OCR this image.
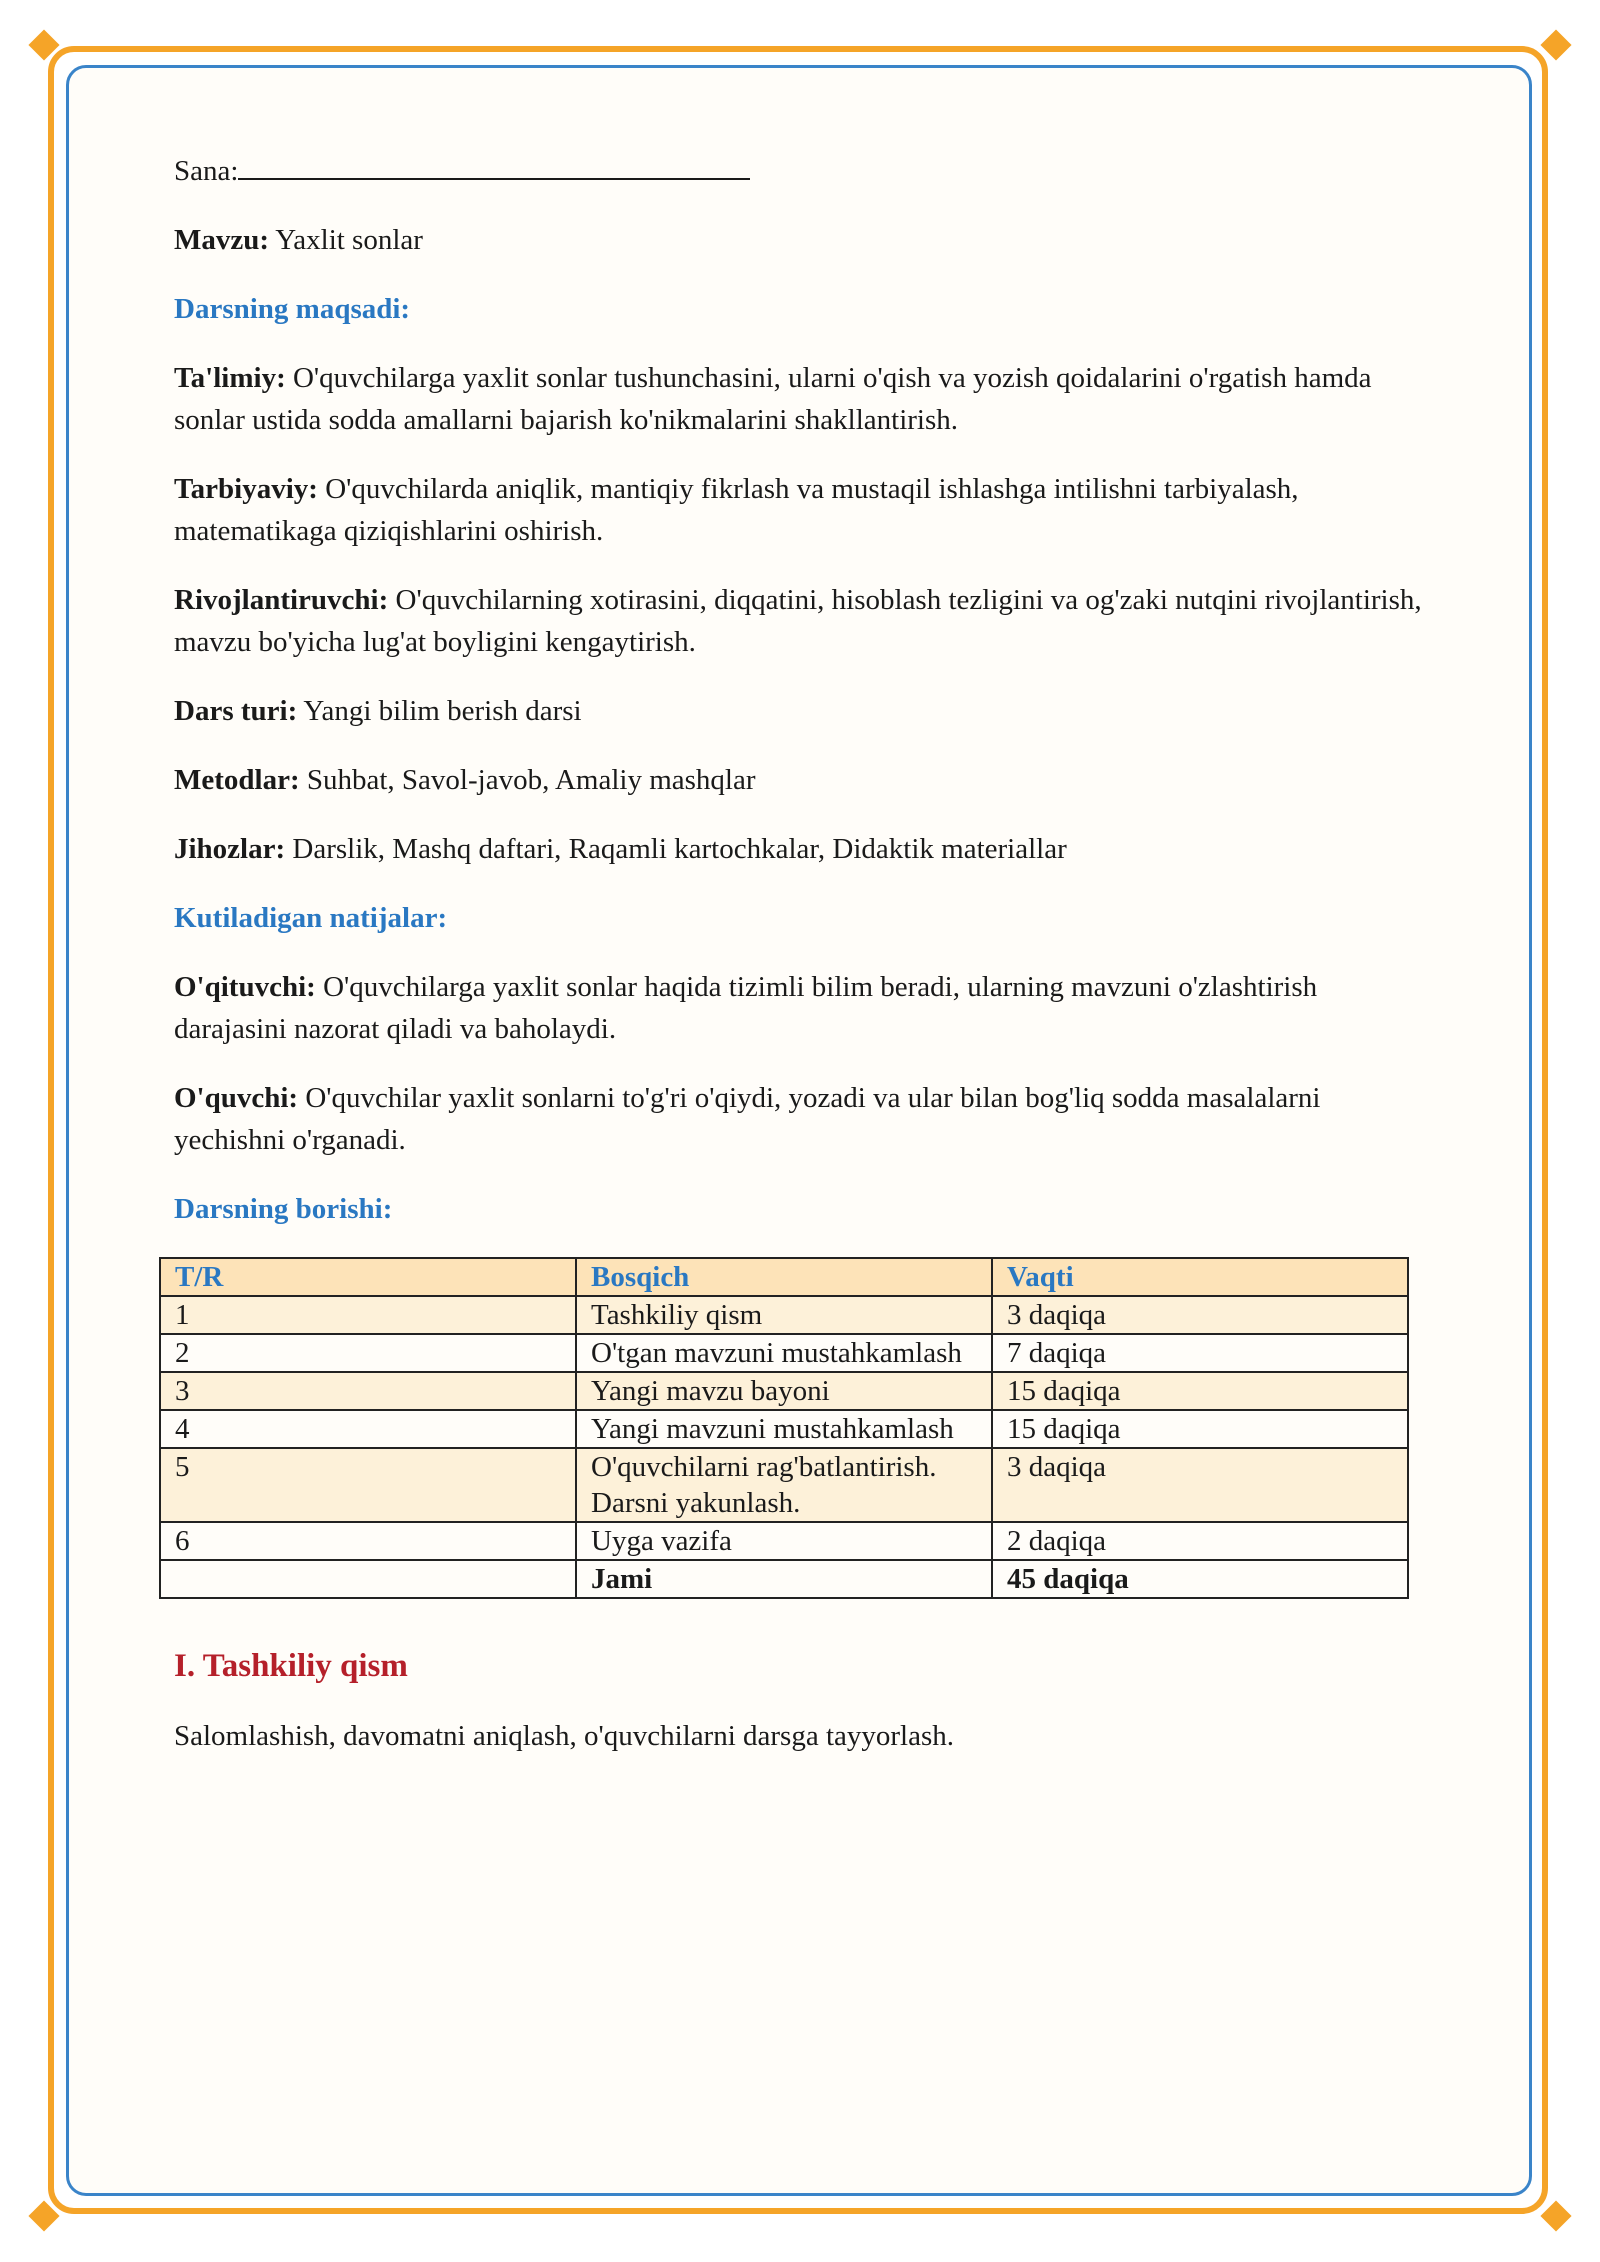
Sana:

Mavzu: Yaxlit sonlar

Darsning maqsadi:

Ta'limiy: O'quvchilarga yaxlit sonlar tushunchasini, ularni o'qish va yozish qoidalarini o'rgatish hamda sonlar ustida sodda amallarni bajarish ko'nikmalarini shakllantirish.

Tarbiyaviy: O'quvchilarda aniqlik, mantiqiy fikrlash va mustaqil ishlashga intilishni tarbiyalash, matematikaga qiziqishlarini oshirish.

Rivojlantiruvchi: O'quvchilarning xotirasini, diqqatini, hisoblash tezligini va og'zaki nutqini rivojlantirish, mavzu bo'yicha lug'at boyligini kengaytirish.

Dars turi: Yangi bilim berish darsi

Metodlar: Suhbat, Savol-javob, Amaliy mashqlar

Jihozlar: Darslik, Mashq daftari, Raqamli kartochkalar, Didaktik materiallar

Kutiladigan natijalar:

O'qituvchi: O'quvchilarga yaxlit sonlar haqida tizimli bilim beradi, ularning mavzuni o'zlashtirish darajasini nazorat qiladi va baholaydi.

O'quvchi: O'quvchilar yaxlit sonlarni to'g'ri o'qiydi, yozadi va ular bilan bog'liq sodda masalalarni yechishni o'rganadi.

Darsning borishi:

T/R	Bosqich	Vaqti
1	Tashkiliy qism	3 daqiqa
2	O'tgan mavzuni mustahkamlash	7 daqiqa
3	Yangi mavzu bayoni	15 daqiqa
4	Yangi mavzuni mustahkamlash	15 daqiqa
5	O'quvchilarni rag'batlantirish. Darsni yakunlash.	3 daqiqa
6	Uyga vazifa	2 daqiqa
	Jami	45 daqiqa

I. Tashkiliy qism

Salomlashish, davomatni aniqlash, o'quvchilarni darsga tayyorlash.
